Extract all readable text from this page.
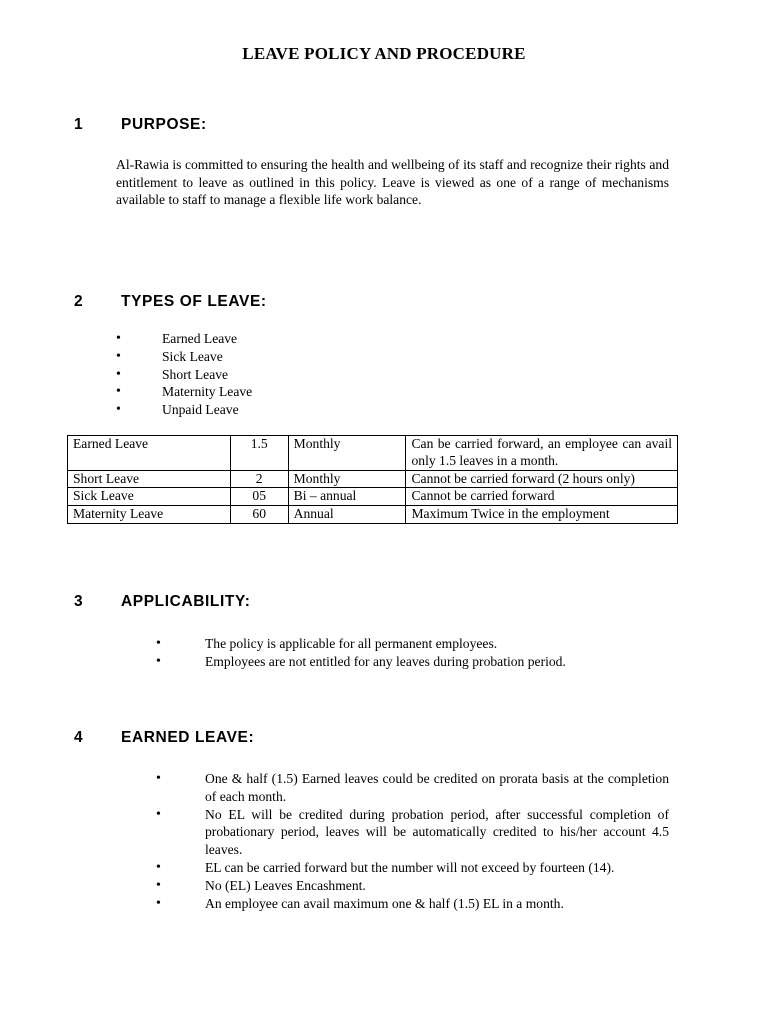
LEAVE POLICY AND PROCEDURE
1 PURPOSE:
Al-Rawia is committed to ensuring the health and wellbeing of its staff and recognize their rights and entitlement to leave as outlined in this policy. Leave is viewed as one of a range of mechanisms available to staff to manage a flexible life work balance.
2 TYPES OF LEAVE:
• Earned Leave
• Sick Leave
• Short Leave
• Maternity Leave
• Unpaid Leave
Earned Leave	1.5	Monthly	Can be carried forward, an employee can avail only 1.5 leaves in a month.
Short Leave	2	Monthly	Cannot be carried forward (2 hours only)
Sick Leave	05	Bi – annual	Cannot be carried forward
Maternity Leave	60	Annual	Maximum Twice in the employment
3 APPLICABILITY:
• The policy is applicable for all permanent employees.
• Employees are not entitled for any leaves during probation period.
4 EARNED LEAVE:
• One & half (1.5) Earned leaves could be credited on prorata basis at the completion of each month.
• No EL will be credited during probation period, after successful completion of probationary period, leaves will be automatically credited to his/her account 4.5 leaves.
• EL can be carried forward but the number will not exceed by fourteen (14).
• No (EL) Leaves Encashment.
• An employee can avail maximum one & half (1.5) EL in a month.
